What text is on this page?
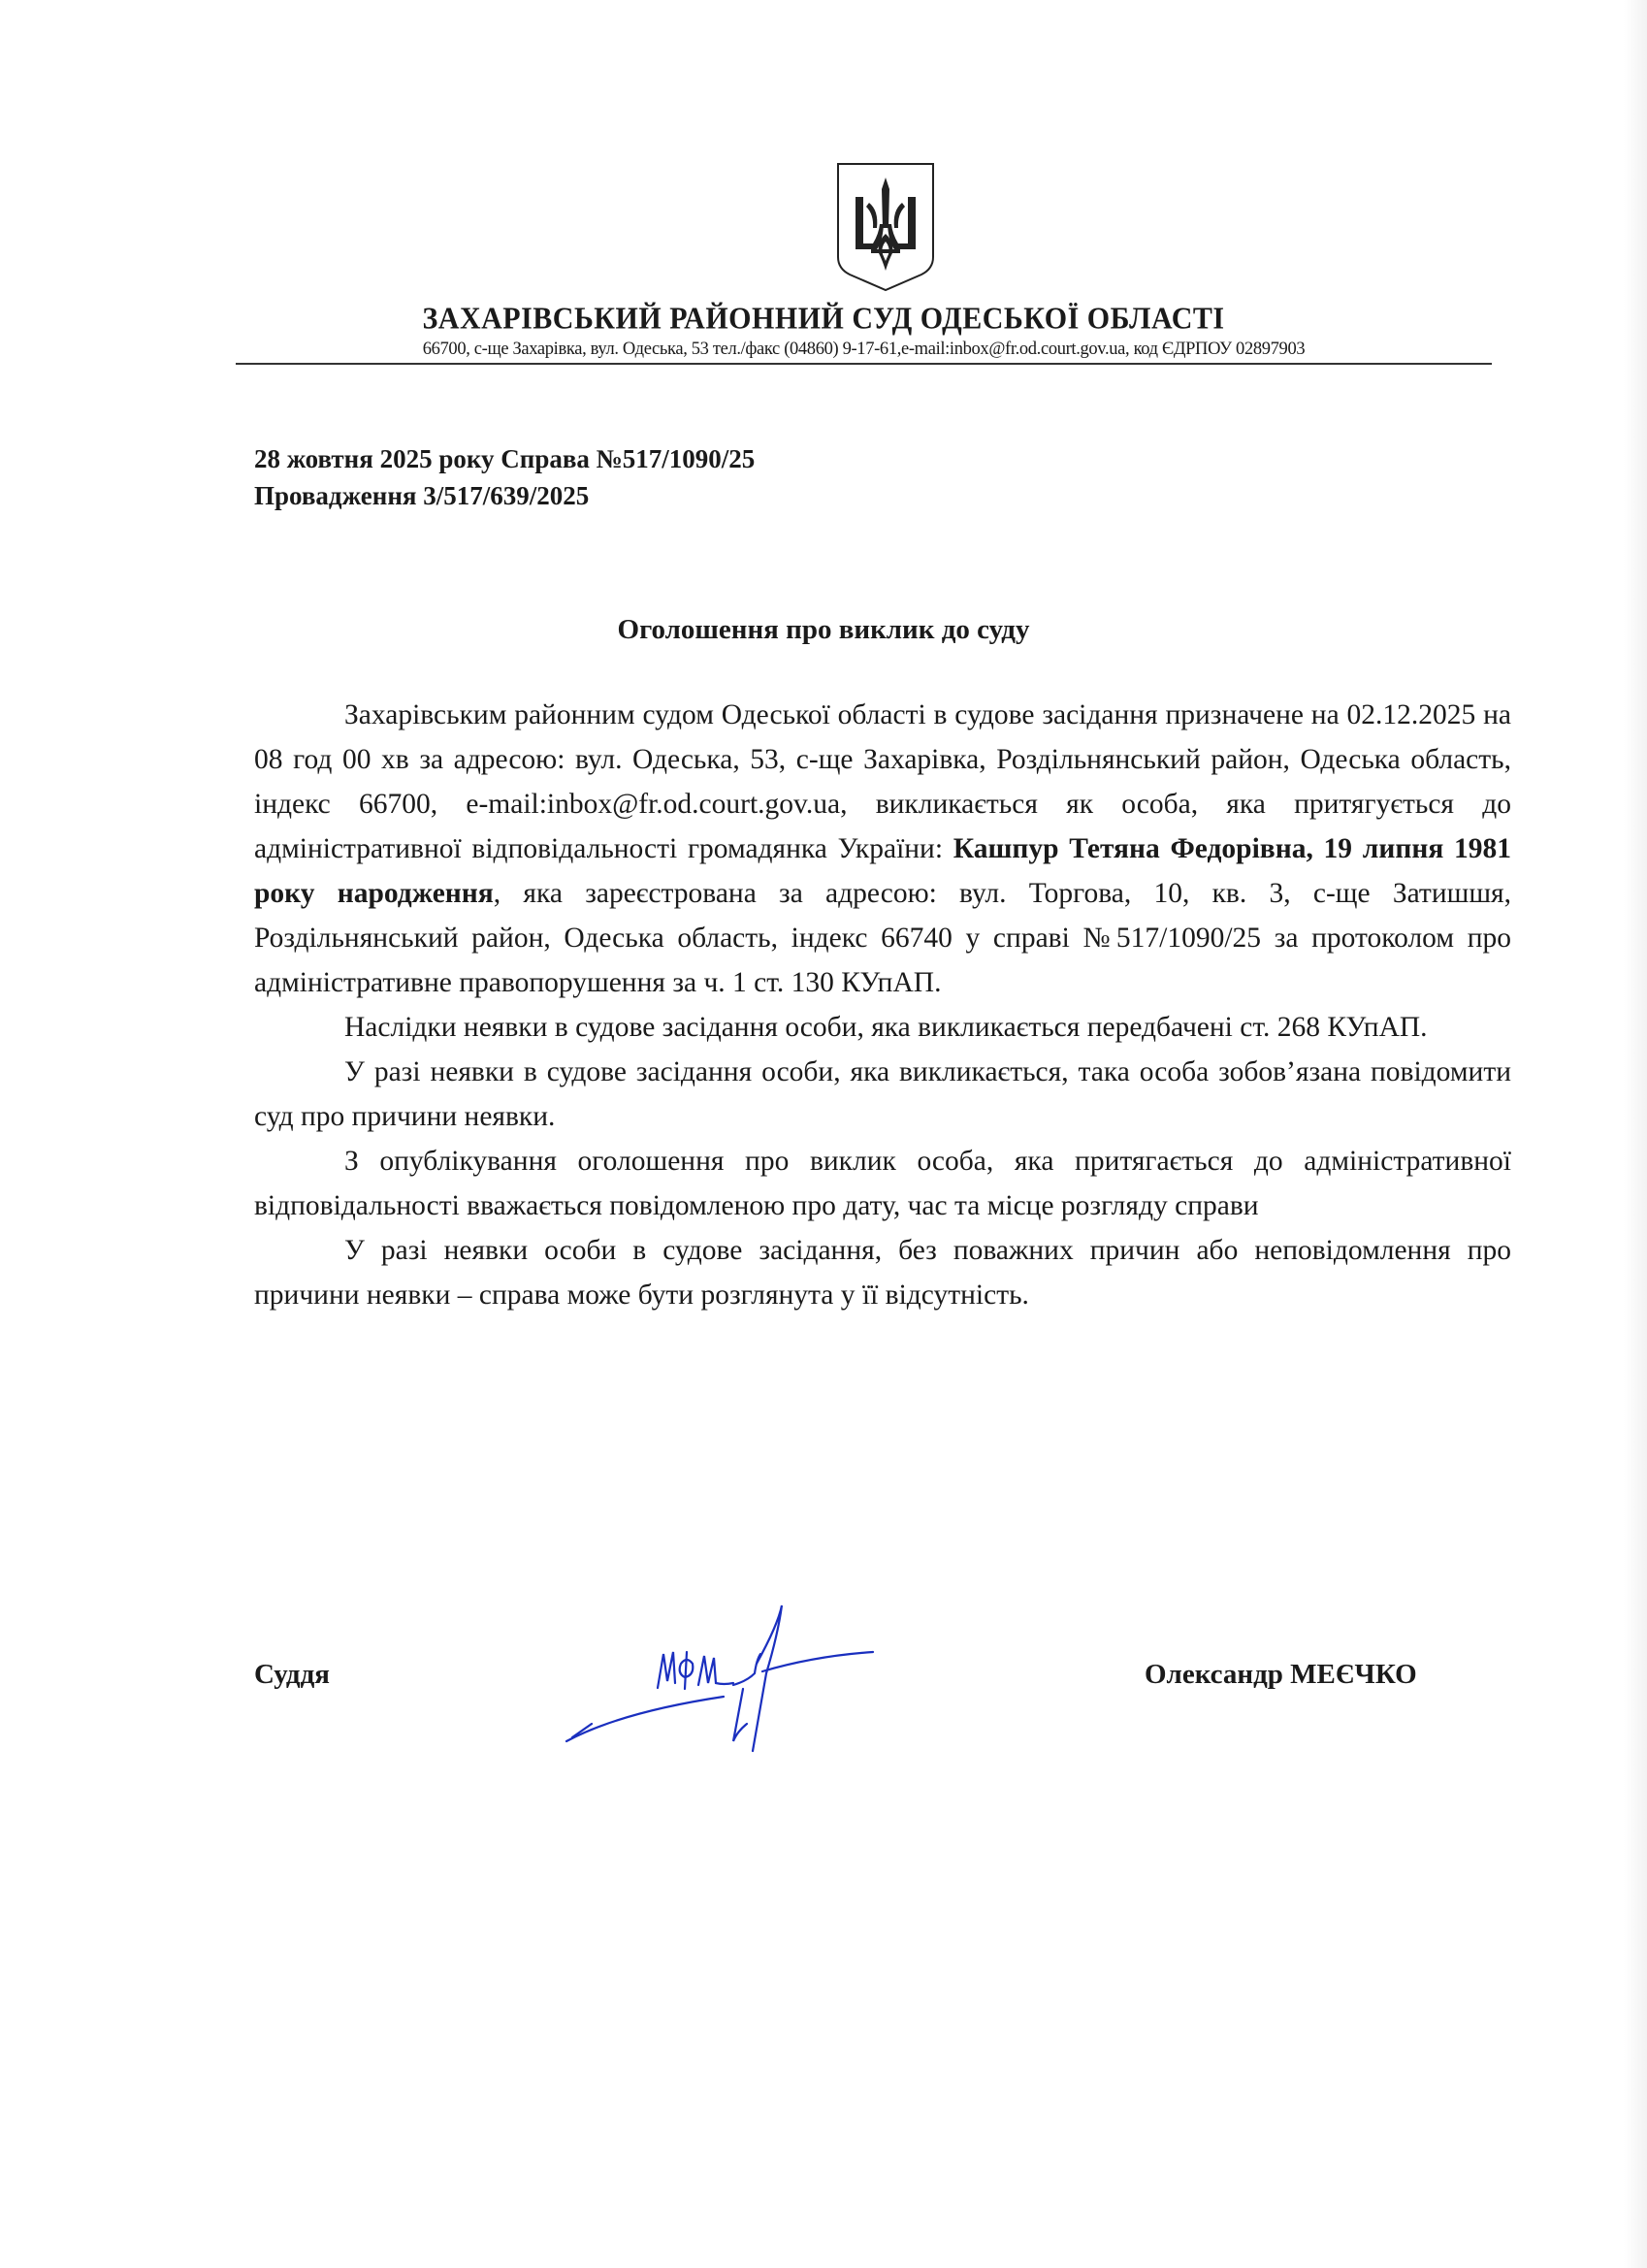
ЗАХАРІВСЬКИЙ РАЙОННИЙ СУД ОДЕСЬКОЇ ОБЛАСТІ
66700, с-ще Захарівка, вул. Одеська, 53 тел./факс (04860) 9-17-61,e-mail:inbox@fr.od.court.gov.ua, код ЄДРПОУ 02897903
28 жовтня 2025 року Справа №517/1090/25
Провадження 3/517/639/2025
Оголошення про виклик до суду

Захарівським районним судом Одеської області в судове засідання призначене на 02.12.2025 на 08 год 00 хв за адресою: вул. Одеська, 53, с-ще Захарівка, Роздільнянський район, Одеська область, індекс 66700, e-mail:inbox@fr.od.court.gov.ua, викликається як особа, яка притягується до адміністративної відповідальності громадянка України: Кашпур Тетяна Федорівна, 19 липня 1981 року народження, яка зареєстрована за адресою: вул. Торгова, 10, кв. 3, с-ще Затишшя, Роздільнянський район, Одеська область, індекс 66740 у справі №517/1090/25 за протоколом про адміністративне правопорушення за ч. 1 ст. 130 КУпАП.

Наслідки неявки в судове засідання особи, яка викликається передбачені ст. 268 КУпАП.

У разі неявки в судове засідання особи, яка викликається, така особа зобов’язана повідомити суд про причини неявки.

З опублікування оголошення про виклик особа, яка притягається до адміністративної відповідальності вважається повідомленою про дату, час та місце розгляду справи

У разі неявки особи в судове засідання, без поважних причин або неповідомлення про причини неявки – справа може бути розглянута у її відсутність.

Суддя	Олександр МЕЄЧКО
